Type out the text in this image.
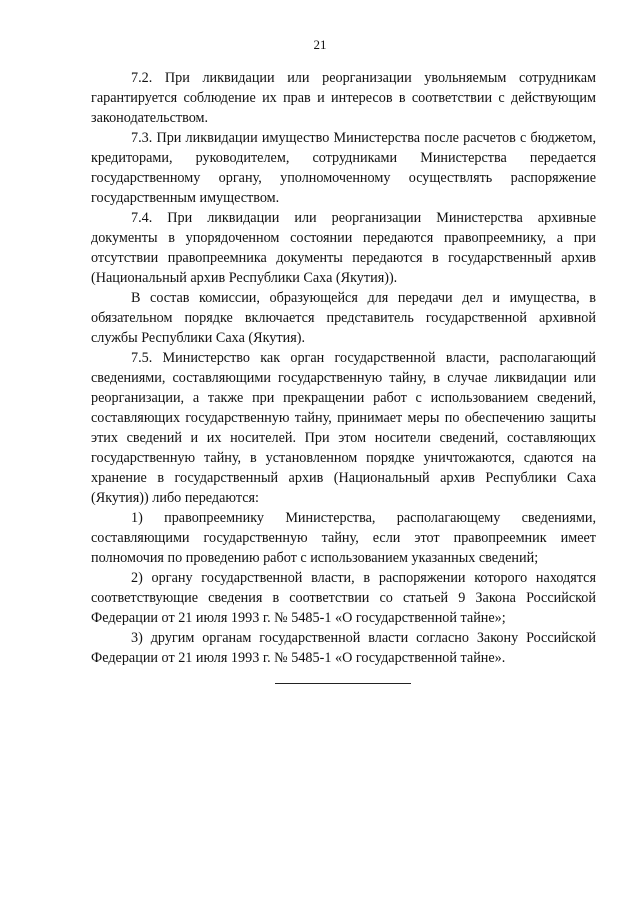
21

7.2. При ликвидации или реорганизации увольняемым сотрудникам гарантируется соблюдение их прав и интересов в соответствии с действующим законодательством.

7.3. При ликвидации имущество Министерства после расчетов с бюджетом, кредиторами, руководителем, сотрудниками Министерства передается государственному органу, уполномоченному осуществлять распоряжение государственным имуществом.

7.4. При ликвидации или реорганизации Министерства архивные документы в упорядоченном состоянии передаются правопреемнику, а при отсутствии правопреемника документы передаются в государственный архив (Национальный архив Республики Саха (Якутия)).

В состав комиссии, образующейся для передачи дел и имущества, в обязательном порядке включается представитель государственной архивной службы Республики Саха (Якутия).

7.5. Министерство как орган государственной власти, располагающий сведениями, составляющими государственную тайну, в случае ликвидации или реорганизации, а также при прекращении работ с использованием сведений, составляющих государственную тайну, принимает меры по обеспечению защиты этих сведений и их носителей. При этом носители сведений, составляющих государственную тайну, в установленном порядке уничтожаются, сдаются на хранение в государственный архив (Национальный архив Республики Саха (Якутия)) либо передаются:

1) правопреемнику Министерства, располагающему сведениями, составляющими государственную тайну, если этот правопреемник имеет полномочия по проведению работ с использованием указанных сведений;

2) органу государственной власти, в распоряжении которого находятся соответствующие сведения в соответствии со статьей 9 Закона Российской Федерации от 21 июля 1993 г. № 5485-1 «О государственной тайне»;

3) другим органам государственной власти согласно Закону Российской Федерации от 21 июля 1993 г. № 5485-1 «О государственной тайне».
